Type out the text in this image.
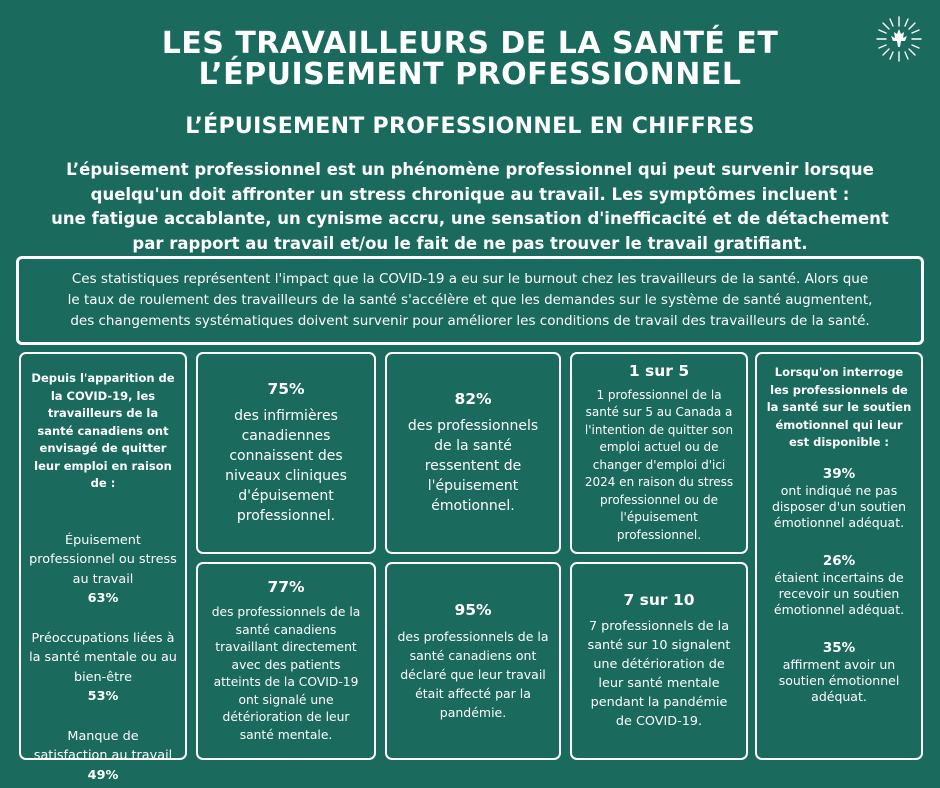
LES TRAVAILLEURS DE LA SANTÉ ET
L’ÉPUISEMENT PROFESSIONNEL
L’ÉPUISEMENT PROFESSIONNEL EN CHIFFRES
L’épuisement professionnel est un phénomène professionnel qui peut survenir lorsque
quelqu'un doit affronter un stress chronique au travail. Les symptômes incluent :
une fatigue accablante, un cynisme accru, une sensation d'inefficacité et de détachement
par rapport au travail et/ou le fait de ne pas trouver le travail gratifiant.
Ces statistiques représentent l'impact que la COVID-19 a eu sur le burnout chez les travailleurs de la santé. Alors que
le taux de roulement des travailleurs de la santé s'accélère et que les demandes sur le système de santé augmentent,
des changements systématiques doivent survenir pour améliorer les conditions de travail des travailleurs de la santé.
Depuis l'apparition de la COVID-19, les travailleurs de la santé canadiens ont envisagé de quitter leur emploi en raison de :
Épuisement professionnel ou stress au travail
63%
Préoccupations liées à la santé mentale ou au bien-être
53%
Manque de satisfaction au travail
49%
75%
des infirmières canadiennes connaissent des niveaux cliniques d'épuisement professionnel.
82%
des professionnels de la santé ressentent de l'épuisement émotionnel.
1 sur 5
1 professionnel de la santé sur 5 au Canada a l'intention de quitter son emploi actuel ou de changer d'emploi d'ici 2024 en raison du stress professionnel ou de l'épuisement professionnel.
77%
des professionnels de la santé canadiens travaillant directement avec des patients atteints de la COVID-19 ont signalé une détérioration de leur santé mentale.
95%
des professionnels de la santé canadiens ont déclaré que leur travail était affecté par la pandémie.
7 sur 10
7 professionnels de la santé sur 10 signalent une détérioration de leur santé mentale pendant la pandémie de COVID-19.
Lorsqu'on interroge les professionnels de la santé sur le soutien émotionnel qui leur est disponible :
39%
ont indiqué ne pas disposer d'un soutien émotionnel adéquat.
26%
étaient incertains de recevoir un soutien émotionnel adéquat.
35%
affirment avoir un soutien émotionnel adéquat.
